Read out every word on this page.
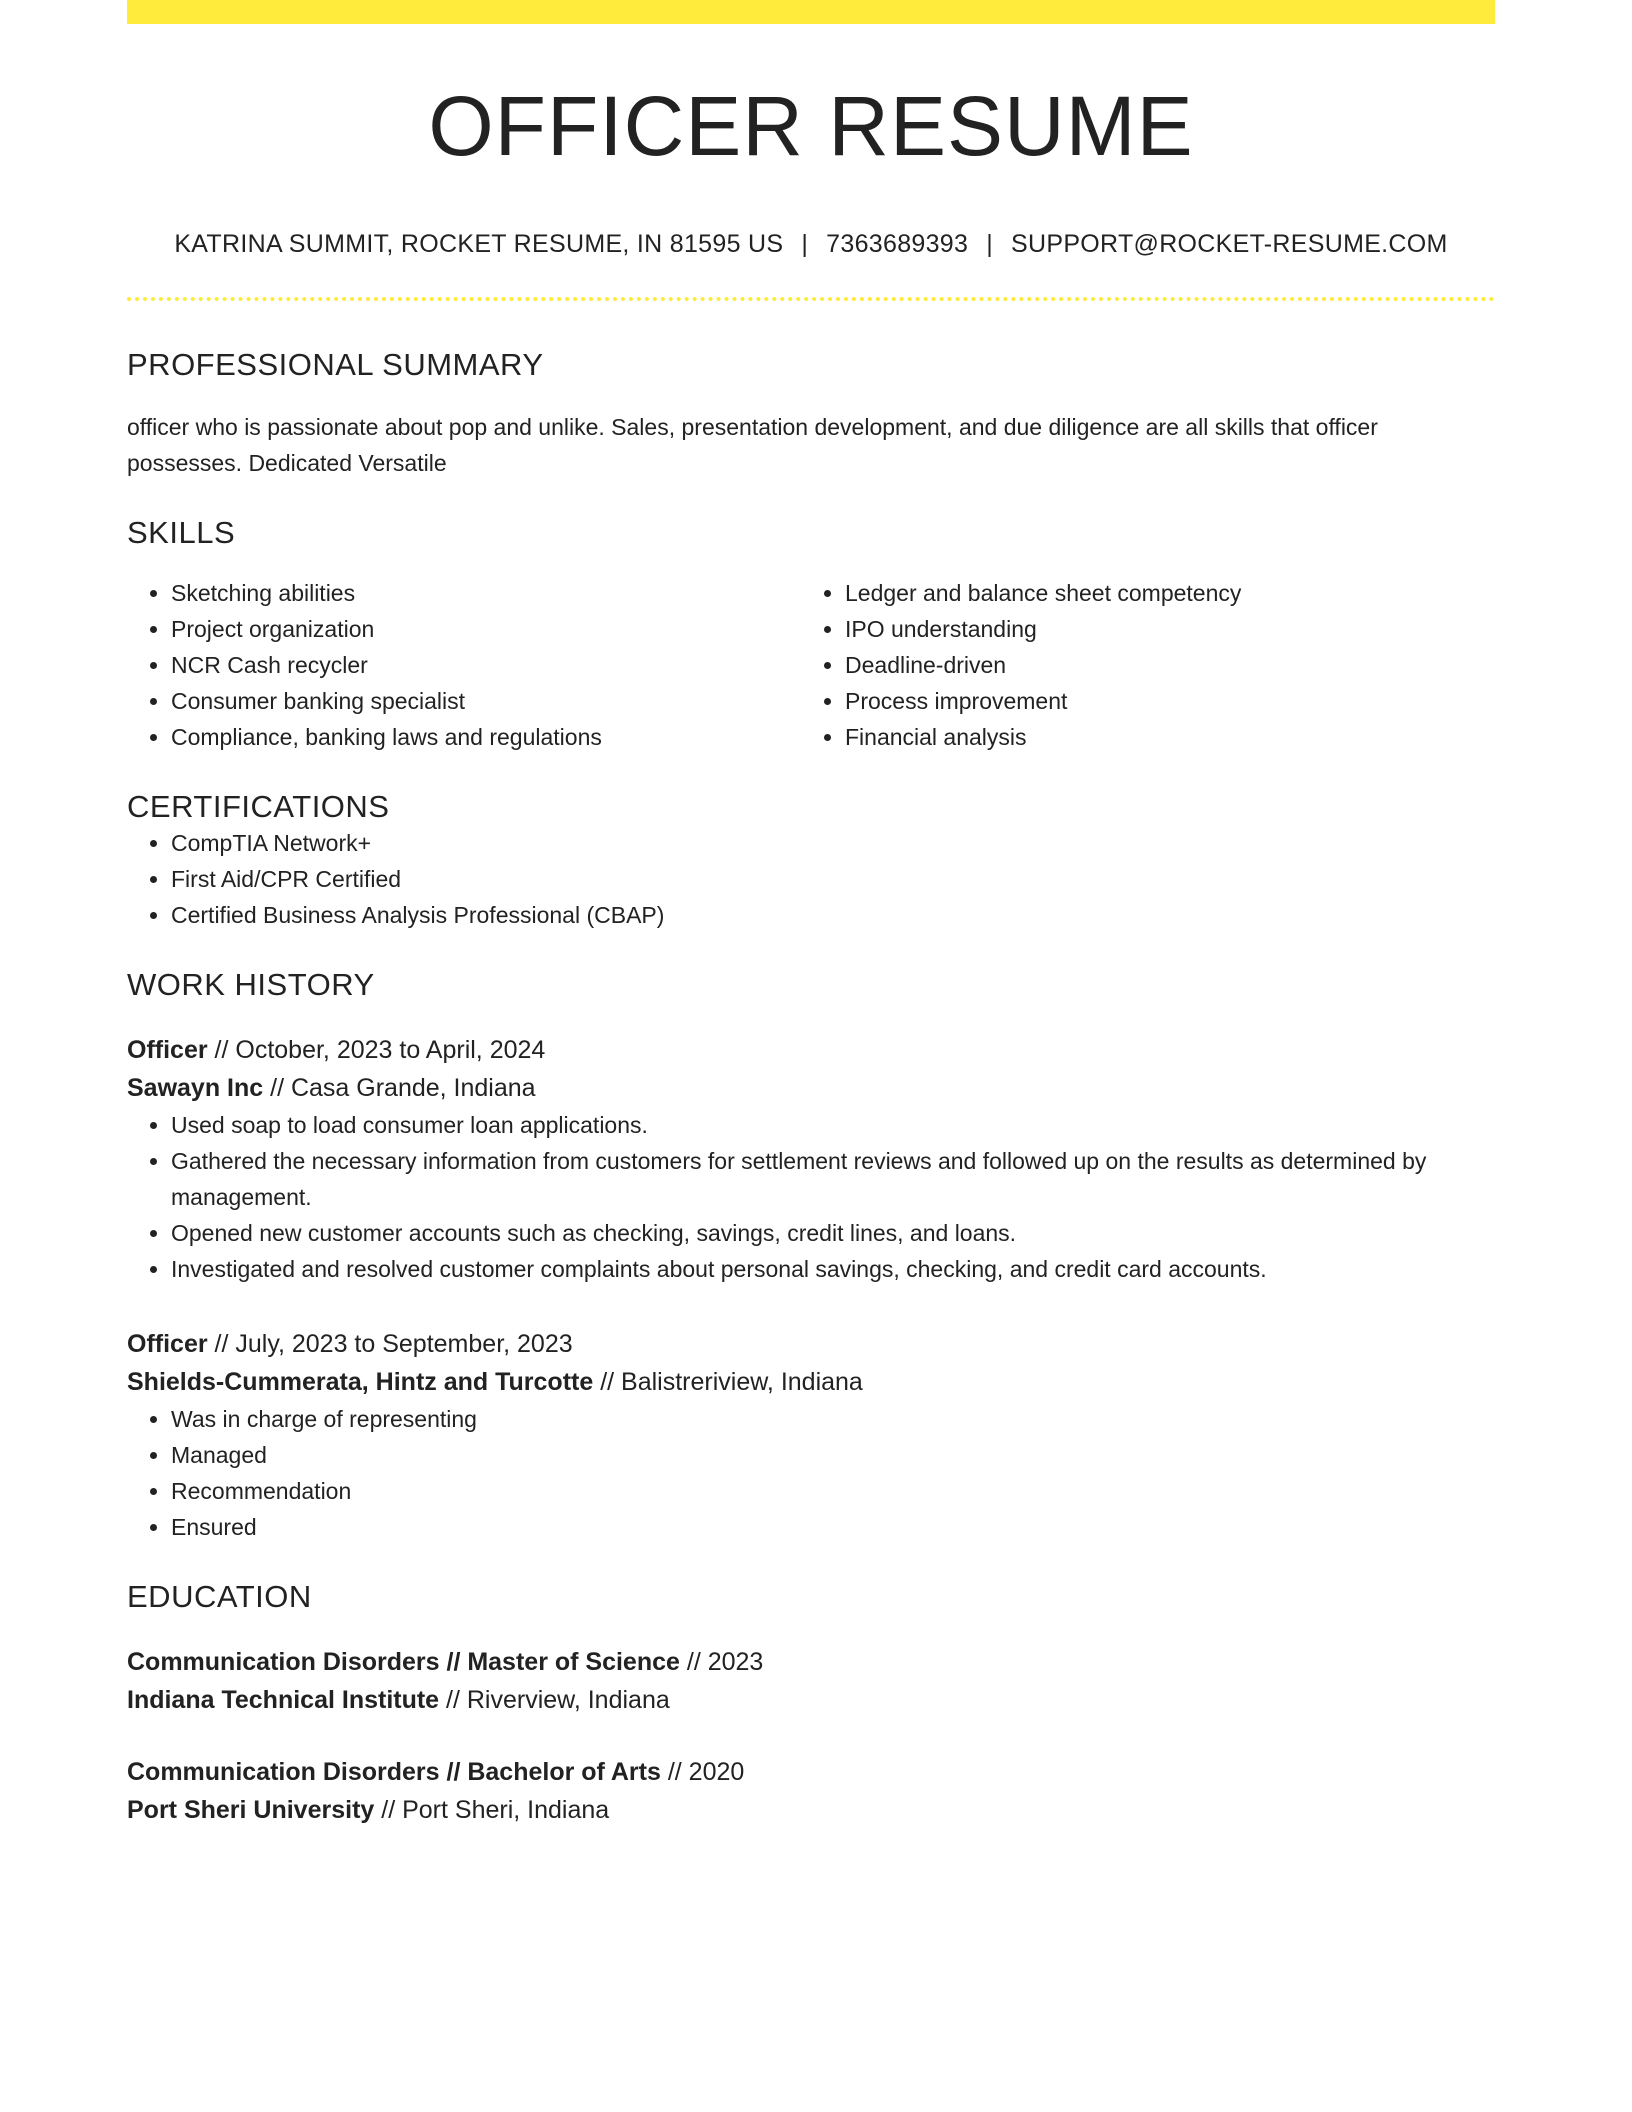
OFFICER RESUME
KATRINA SUMMIT, ROCKET RESUME, IN 81595 US | 7363689393 | SUPPORT@ROCKET-RESUME.COM
PROFESSIONAL SUMMARY
officer who is passionate about pop and unlike. Sales, presentation development, and due diligence are all skills that officer possesses. Dedicated Versatile
SKILLS
• Sketching abilities
• Project organization
• NCR Cash recycler
• Consumer banking specialist
• Compliance, banking laws and regulations
• Ledger and balance sheet competency
• IPO understanding
• Deadline-driven
• Process improvement
• Financial analysis
CERTIFICATIONS
• CompTIA Network+
• First Aid/CPR Certified
• Certified Business Analysis Professional (CBAP)
WORK HISTORY
Officer // October, 2023 to April, 2024
Sawayn Inc // Casa Grande, Indiana
• Used soap to load consumer loan applications.
• Gathered the necessary information from customers for settlement reviews and followed up on the results as determined by management.
• Opened new customer accounts such as checking, savings, credit lines, and loans.
• Investigated and resolved customer complaints about personal savings, checking, and credit card accounts.
Officer // July, 2023 to September, 2023
Shields-Cummerata, Hintz and Turcotte // Balistreriview, Indiana
• Was in charge of representing
• Managed
• Recommendation
• Ensured
EDUCATION
Communication Disorders // Master of Science // 2023
Indiana Technical Institute // Riverview, Indiana
Communication Disorders // Bachelor of Arts // 2020
Port Sheri University // Port Sheri, Indiana
